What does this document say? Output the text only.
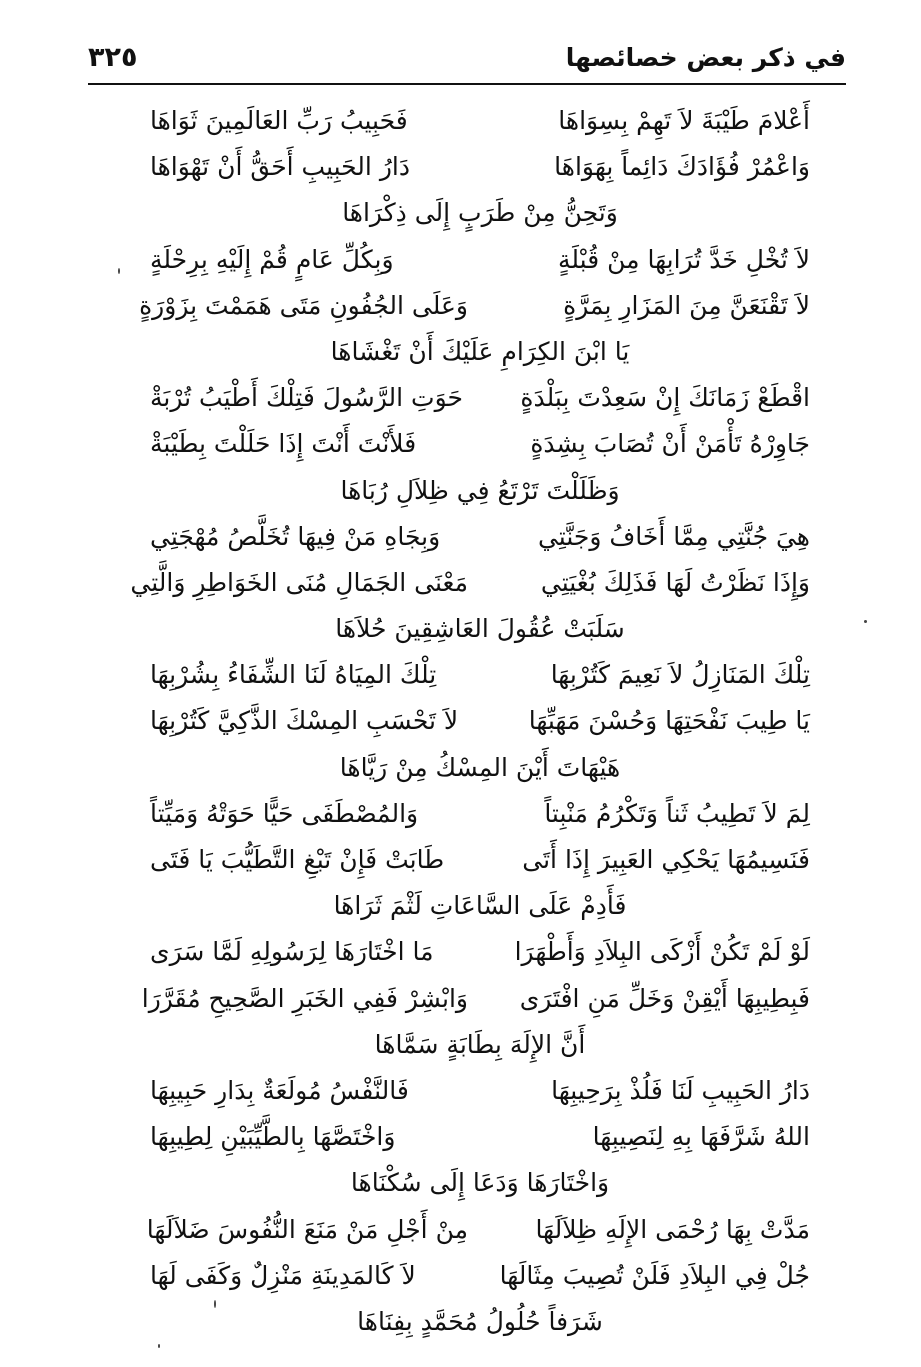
في ذكر بعض خصائصها
٣٢٥
أَعْلامَ طَيْبَةَ لاَ تَهِمْ بِسِوَاهَا
فَحَبِيبُ رَبِّ العَالَمِينَ ثَوَاهَا
وَاعْمُرْ فُؤَادَكَ دَائِماً بِهَوَاهَا
دَارُ الحَبِيبِ أَحَقُّ أَنْ تَهْوَاهَا
وَتَحِنُّ مِنْ طَرَبٍ إِلَى ذِكْرَاهَا
لاَ تُخْلِ خَدَّ تُرَابِهَا مِنْ قُبْلَةٍ
وَبِكُلِّ عَامٍ قُمْ إِلَيْهِ بِرِحْلَةٍ
لاَ تَقْنَعَنَّ مِنَ المَزَارِ بِمَرَّةٍ
وَعَلَى الجُفُونِ مَتَى هَمَمْتَ بِزَوْرَةٍ
يَا ابْنَ الكِرَامِ عَلَيْكَ أَنْ تَغْشَاهَا
اقْطَعْ زَمَانَكَ إِنْ سَعِدْتَ بِبَلْدَةٍ
حَوَتِ الرَّسُولَ فَتِلْكَ أَطْيَبُ تُرْبَةْ
جَاوِرْهُ تَأْمَنْ أَنْ تُصَابَ بِشِدَةٍ
فَلأَنْتَ أَنْتَ إِذَا حَلَلْتَ بِطَيْبَةْ
وَظَلَلْتَ تَرْتَعُ فِي ظِلاَلِ رُبَاهَا
هِيَ جُنَّتِي مِمَّا أَخَافُ وَجَنَّتِي
وَبِجَاهِ مَنْ فِيهَا تُخَلَّصُ مُهْجَتِي
وَإِذَا نَظَرْتُ لَهَا فَذَلِكَ بُغْيَتِي
مَعْنَى الجَمَالِ مُنَى الخَوَاطِرِ وَالَّتِي
سَلَبَتْ عُقُولَ العَاشِقِينَ حُلاَهَا
تِلْكَ المَنَازِلُ لاَ نَعِيمَ كَتُرْبِهَا
تِلْكَ المِيَاهُ لَنَا الشِّفَاءُ بِشُرْبِهَا
يَا طِيبَ نَفْحَتِهَا وَحُسْنَ مَهَبِّهَا
لاَ تَحْسَبِ المِسْكَ الذَّكِيَّ كَتُرْبِهَا
هَيْهَاتَ أَيْنَ المِسْكُ مِنْ رَيَّاهَا
لِمَ لاَ تَطِيبُ ثَناً وَتَكْرُمُ مَنْبِتاً
وَالمُصْطَفَى حَيًّا حَوَتْهُ وَمَيِّتاً
فَنَسِيمُهَا يَحْكِي العَبِيرَ إِذَا أَتَى
طَابَتْ فَإِنْ تَبْغِ التَّطَيُّبَ يَا فَتَى
فَأَدِمْ عَلَى السَّاعَاتِ لَثْمَ ثَرَاهَا
لَوْ لَمْ تَكُنْ أَزْكَى البِلاَدِ وَأَطْهَرَا
مَا اخْتَارَهَا لِرَسُولِهِ لَمَّا سَرَى
فَبِطِيبِهَا أَيْقِنْ وَخَلِّ مَنِ افْتَرَى
وَابْشِرْ فَفِي الخَبَرِ الصَّحِيحِ مُقَرَّرَا
أَنَّ الإِلَهَ بِطَابَةٍ سَمَّاهَا
دَارُ الحَبِيبِ لَنَا فَلُذْ بِرَحِيبِهَا
فَالنَّفْسُ مُولَعَةٌ بِدَارِ حَبِيبِهَا
اللهُ شَرَّفَهَا بِهِ لِنَصِيبِهَا
وَاخْتَصَّهَا بِالطَّيِّبَيْنِ لِطِيبِهَا
وَاخْتَارَهَا وَدَعَا إِلَى سُكْنَاهَا
مَدَّتْ بِهَا رُحْمَى الإِلَهِ ظِلاَلَهَا
مِنْ أَجْلِ مَنْ مَنَعَ النُّفُوسَ ضَلاَلَهَا
جُلْ فِي البِلاَدِ فَلَنْ تُصِيبَ مِثَالَهَا
لاَ كَالمَدِينَةِ مَنْزِلٌ وَكَفَى لَهَا
شَرَفاً حُلُولُ مُحَمَّدٍ بِفِنَاهَا
